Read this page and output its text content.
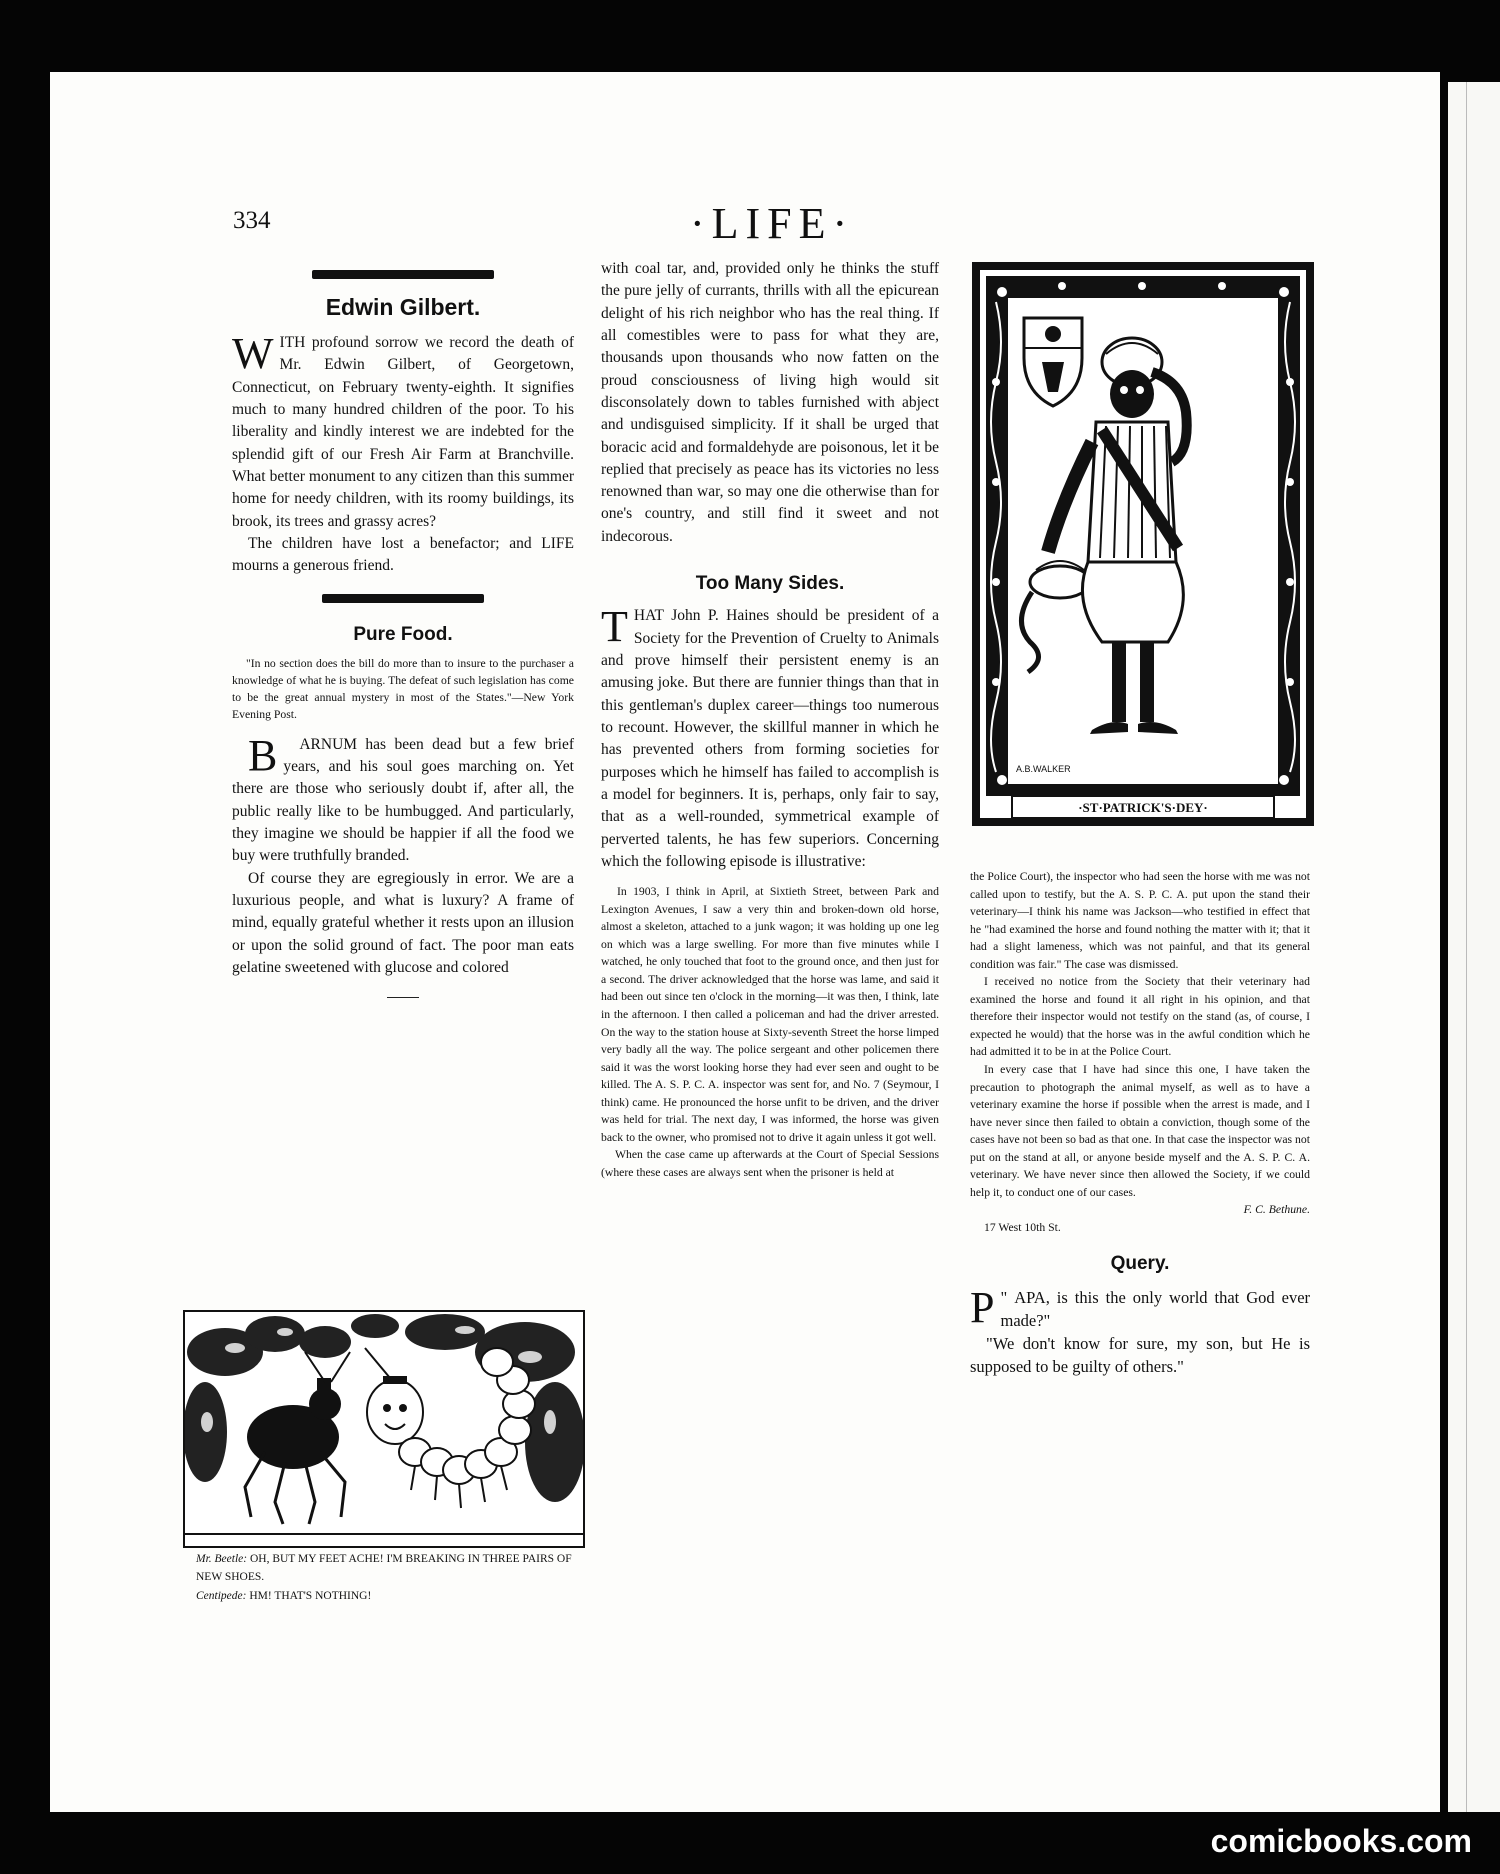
334	·LIFE·
Edwin Gilbert.

WITH profound sorrow we record the death of Mr. Edwin Gilbert, of Georgetown, Connecticut, on February twenty-eighth. It signifies much to many hundred children of the poor. To his liberality and kindly interest we are indebted for the splendid gift of our Fresh Air Farm at Branchville. What better monument to any citizen than this summer home for needy children, with its roomy buildings, its brook, its trees and grassy acres?

The children have lost a benefactor; and LIFE mourns a generous friend.

Pure Food.

"In no section does the bill do more than to insure to the purchaser a knowledge of what he is buying. The defeat of such legislation has come to be the great annual mystery in most of the States."—New York Evening Post.

B	ARNUM has been dead but a few brief years, and his soul goes marching on. Yet there are those who seriously doubt if, after all, the public really like to be humbugged. And particularly, they imagine we should be happier if all the food we buy were truthfully branded.

Of course they are egregiously in error. We are a luxurious people, and what is luxury? A frame of mind, equally grateful whether it rests upon an illusion or upon the solid ground of fact. The poor man eats gelatine sweetened with glucose and colored

Mr. Beetle: OH, BUT MY FEET ACHE! I'M BREAKING IN THREE PAIRS OF NEW SHOES.
Centipede: HM! THAT'S NOTHING!

with coal tar, and, provided only he thinks the stuff the pure jelly of currants, thrills with all the epicurean delight of his rich neighbor who has the real thing. If all comestibles were to pass for what they are, thousands upon thousands who now fatten on the proud consciousness of living high would sit disconsolately down to tables furnished with abject and undisguised simplicity. If it shall be urged that boracic acid and formaldehyde are poisonous, let it be replied that precisely as peace has its victories no less renowned than war, so may one die otherwise than for one's country, and still find it sweet and not indecorous.

Too Many Sides.

THAT John P. Haines should be president of a Society for the Prevention of Cruelty to Animals and prove himself their persistent enemy is an amusing joke. But there are funnier things than that in this gentleman's duplex career—things too numerous to recount. However, the skillful manner in which he has prevented others from forming societies for purposes which he himself has failed to accomplish is a model for beginners. It is, perhaps, only fair to say, that as a well-rounded, symmetrical example of perverted talents, he has few superiors. Concerning which the following episode is illustrative:

In 1903, I think in April, at Sixtieth Street, between Park and Lexington Avenues, I saw a very thin and broken-down old horse, almost a skeleton, attached to a junk wagon; it was holding up one leg on which was a large swelling. For more than five minutes while I watched, he only touched that foot to the ground once, and then just for a second. The driver acknowledged that the horse was lame, and said it had been out since ten o'clock in the morning—it was then, I think, late in the afternoon. I then called a policeman and had the driver arrested. On the way to the station house at Sixty-seventh Street the horse limped very badly all the way. The police sergeant and other policemen there said it was the worst looking horse they had ever seen and ought to be killed. The A. S. P. C. A. inspector was sent for, and No. 7 (Seymour, I think) came. He pronounced the horse unfit to be driven, and the driver was held for trial. The next day, I was informed, the horse was given back to the owner, who promised not to drive it again unless it got well.

When the case came up afterwards at the Court of Special Sessions (where these cases are always sent when the prisoner is held at

A.B.WALKER
·ST·PATRICK'S·DEY·

the Police Court), the inspector who had seen the horse with me was not called upon to testify, but the A. S. P. C. A. put upon the stand their veterinary—I think his name was Jackson—who testified in effect that he "had examined the horse and found nothing the matter with it; that it had a slight lameness, which was not painful, and that its general condition was fair." The case was dismissed.

I received no notice from the Society that their veterinary had examined the horse and found it all right in his opinion, and that therefore their inspector would not testify on the stand (as, of course, I expected he would) that the horse was in the awful condition which he had admitted it to be in at the Police Court.

In every case that I have had since this one, I have taken the precaution to photograph the animal myself, as well as to have a veterinary examine the horse if possible when the arrest is made, and I have never since then failed to obtain a conviction, though some of the cases have not been so bad as that one. In that case the inspector was not put on the stand at all, or anyone beside myself and the A. S. P. C. A. veterinary. We have never since then allowed the Society, if we could help it, to conduct one of our cases.

F. C. Bethune.

17 West 10th St.

Query.

"
P	APA, is this the only world that God ever made?"

"We don't know for sure, my son, but He is supposed to be guilty of others."

comicbooks.com
